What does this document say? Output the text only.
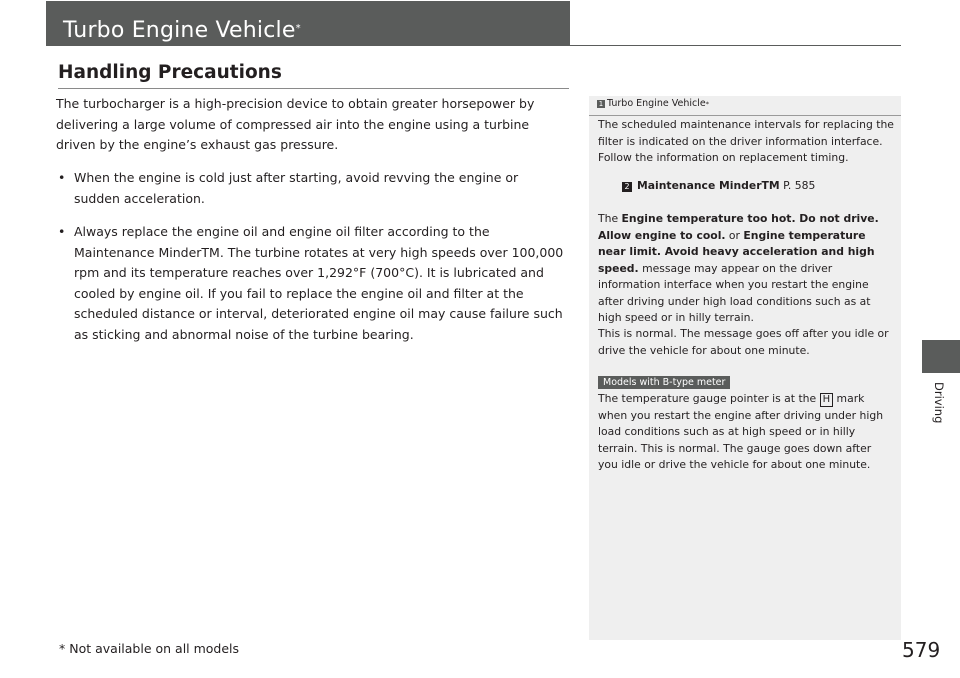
Turbo Engine Vehicle*
Handling Precautions

The turbocharger is a high-precision device to obtain greater horsepower by delivering a large volume of compressed air into the engine using a turbine driven by the engine’s exhaust gas pressure.

• When the engine is cold just after starting, avoid revving the engine or sudden acceleration.
• Always replace the engine oil and engine oil filter according to the Maintenance MinderTM. The turbine rotates at very high speeds over 100,000 rpm and its temperature reaches over 1,292°F (700°C). It is lubricated and cooled by engine oil. If you fail to replace the engine oil and filter at the scheduled distance or interval, deteriorated engine oil may cause failure such as sticking and abnormal noise of the turbine bearing.
1 Turbo Engine Vehicle*

The scheduled maintenance intervals for replacing the filter is indicated on the driver information interface. Follow the information on replacement timing.

2 Maintenance MinderTM P. 585

The Engine temperature too hot. Do not drive. Allow engine to cool. or Engine temperature near limit. Avoid heavy acceleration and high speed. message may appear on the driver information interface when you restart the engine after driving under high load conditions such as at high speed or in hilly terrain.

This is normal. The message goes off after you idle or drive the vehicle for about one minute.

Models with B-type meter

The temperature gauge pointer is at the H mark when you restart the engine after driving under high load conditions such as at high speed or in hilly terrain. This is normal. The gauge goes down after you idle or drive the vehicle for about one minute.

Driving
* Not available on all models	579
